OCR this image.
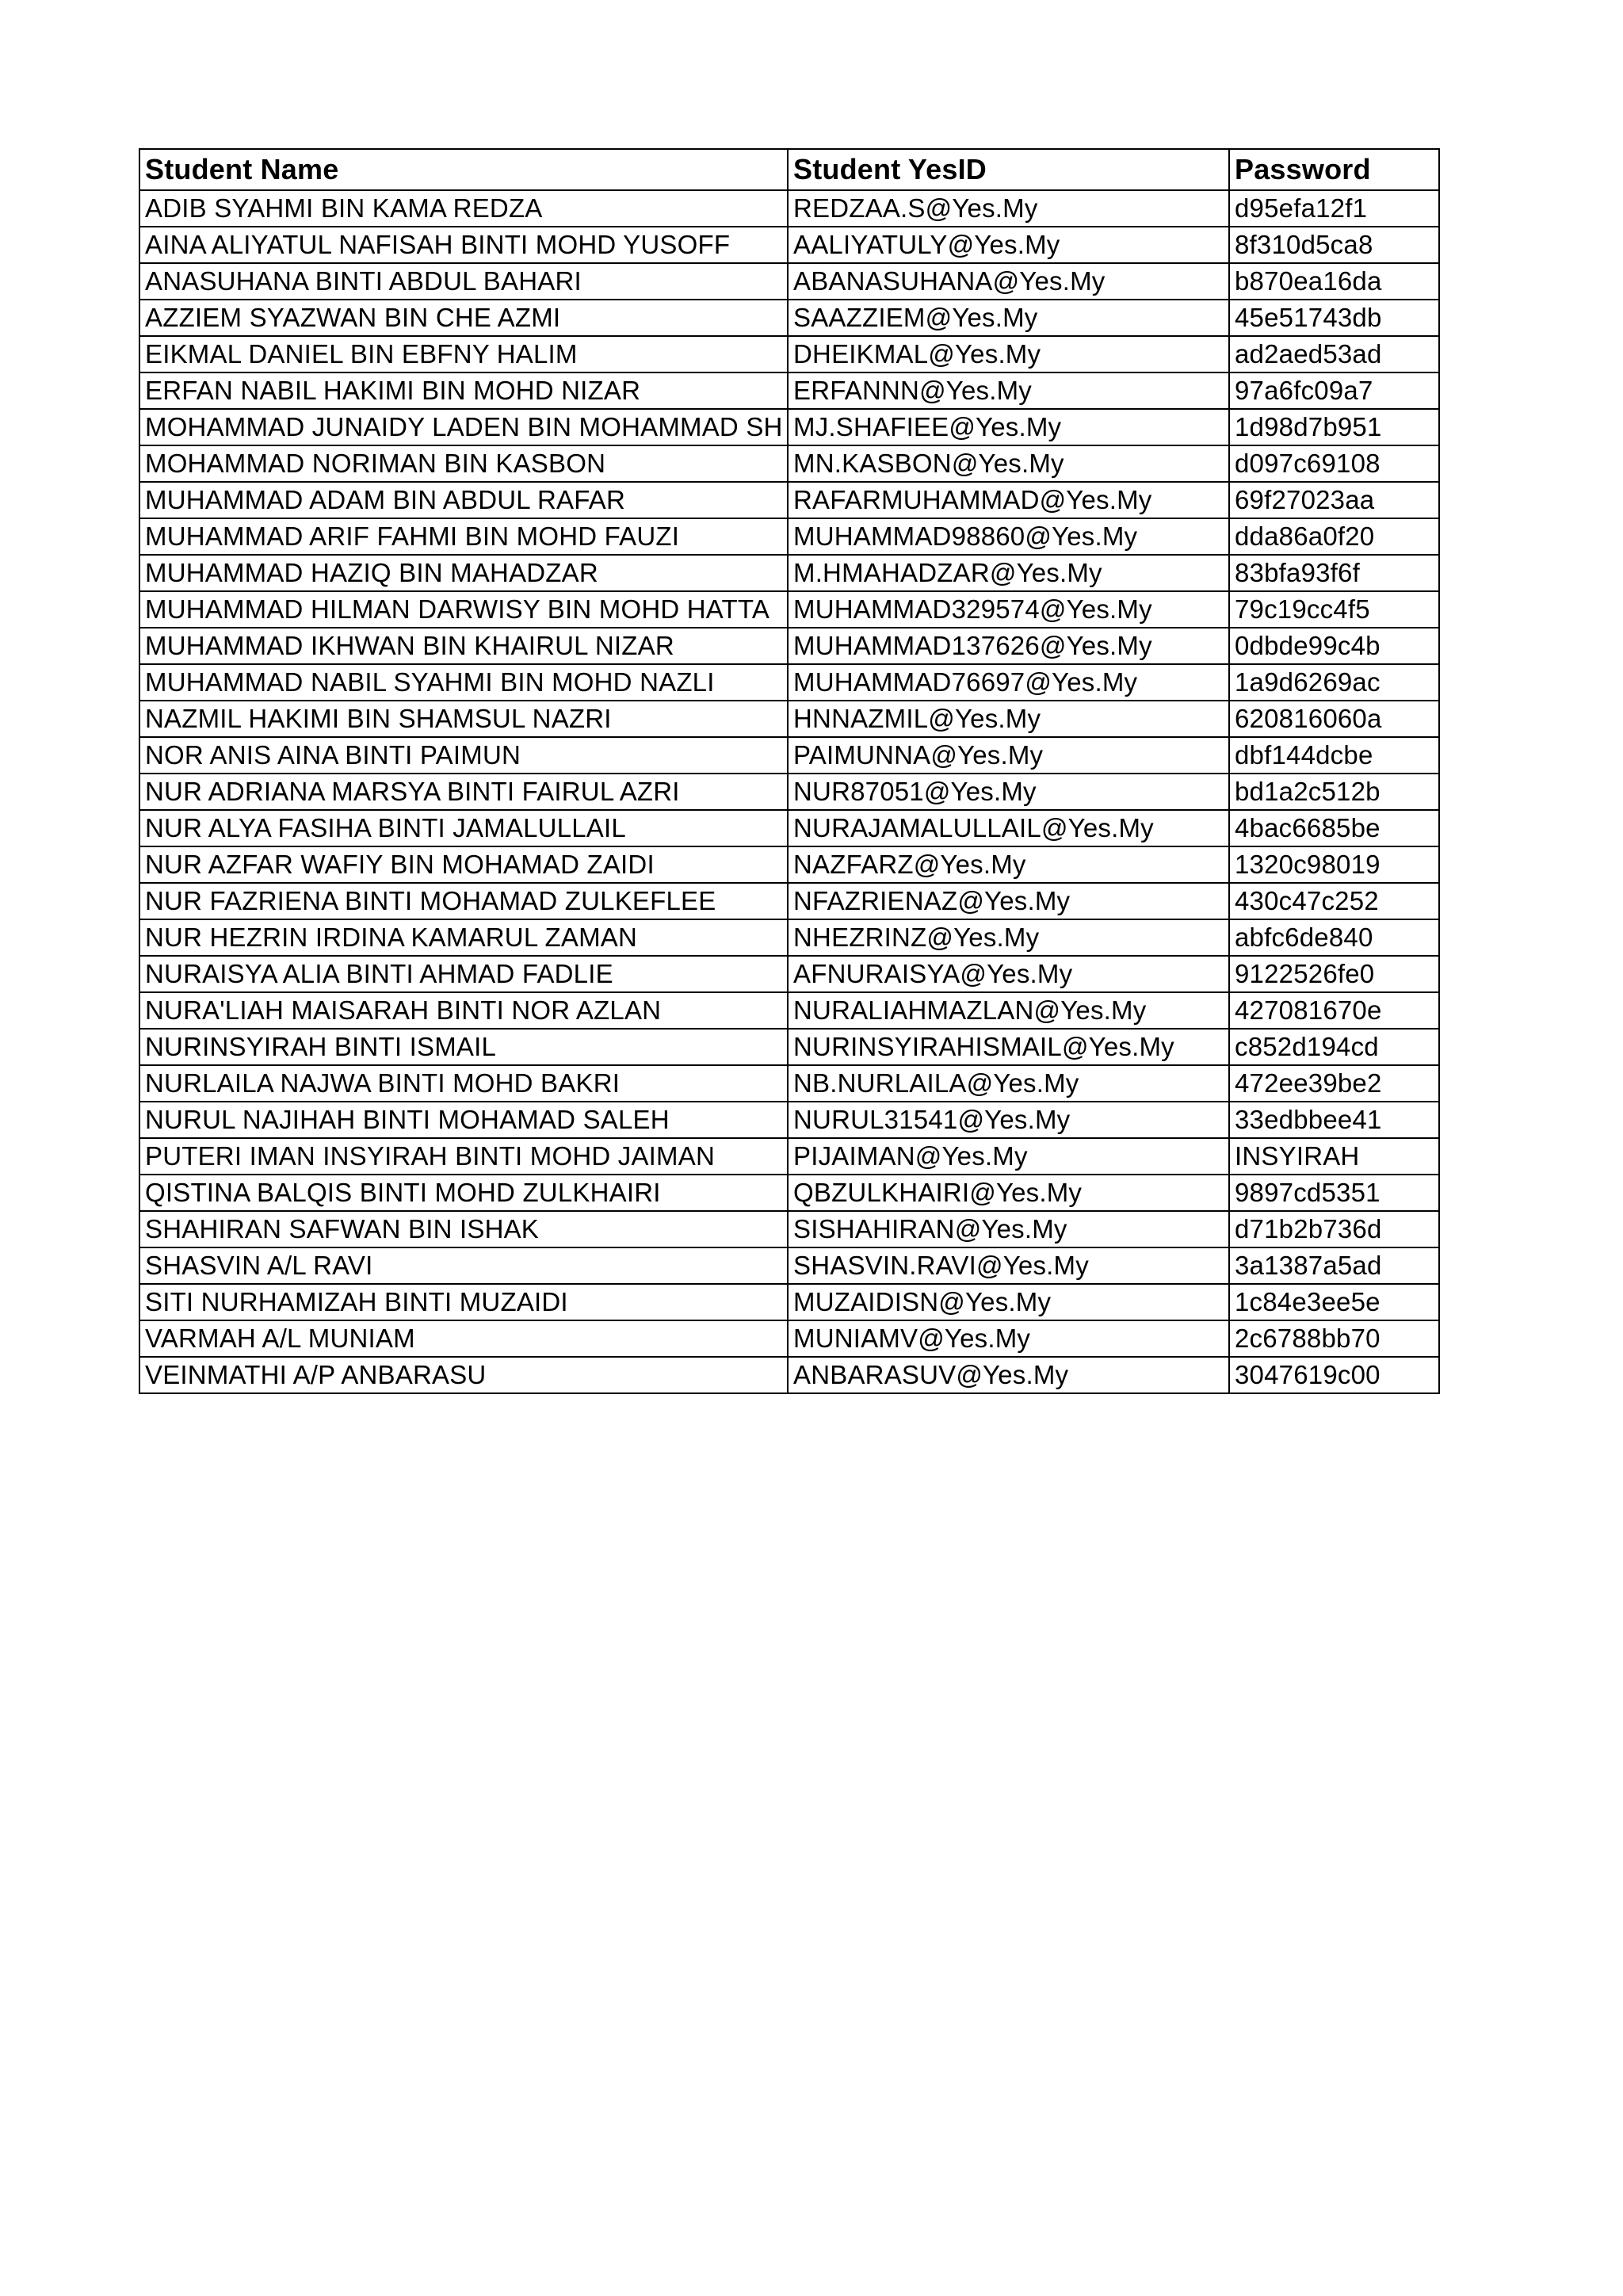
Student Name	Student YesID	Password
ADIB SYAHMI BIN KAMA REDZA	REDZAA.S@Yes.My	d95efa12f1
AINA ALIYATUL NAFISAH BINTI MOHD YUSOFF	AALIYATULY@Yes.My	8f310d5ca8
ANASUHANA BINTI ABDUL BAHARI	ABANASUHANA@Yes.My	b870ea16da
AZZIEM SYAZWAN BIN CHE AZMI	SAAZZIEM@Yes.My	45e51743db
EIKMAL DANIEL BIN EBFNY HALIM	DHEIKMAL@Yes.My	ad2aed53ad
ERFAN NABIL HAKIMI BIN MOHD NIZAR	ERFANNN@Yes.My	97a6fc09a7
MOHAMMAD JUNAIDY LADEN BIN MOHAMMAD SH	MJ.SHAFIEE@Yes.My	1d98d7b951
MOHAMMAD NORIMAN BIN KASBON	MN.KASBON@Yes.My	d097c69108
MUHAMMAD ADAM BIN ABDUL RAFAR	RAFARMUHAMMAD@Yes.My	69f27023aa
MUHAMMAD ARIF FAHMI BIN MOHD FAUZI	MUHAMMAD98860@Yes.My	dda86a0f20
MUHAMMAD HAZIQ BIN MAHADZAR	M.HMAHADZAR@Yes.My	83bfa93f6f
MUHAMMAD HILMAN DARWISY BIN MOHD HATTA	MUHAMMAD329574@Yes.My	79c19cc4f5
MUHAMMAD IKHWAN BIN KHAIRUL NIZAR	MUHAMMAD137626@Yes.My	0dbde99c4b
MUHAMMAD NABIL SYAHMI BIN MOHD NAZLI	MUHAMMAD76697@Yes.My	1a9d6269ac
NAZMIL HAKIMI BIN SHAMSUL NAZRI	HNNAZMIL@Yes.My	620816060a
NOR ANIS AINA BINTI PAIMUN	PAIMUNNA@Yes.My	dbf144dcbe
NUR ADRIANA MARSYA BINTI FAIRUL AZRI	NUR87051@Yes.My	bd1a2c512b
NUR ALYA FASIHA BINTI JAMALULLAIL	NURAJAMALULLAIL@Yes.My	4bac6685be
NUR AZFAR WAFIY BIN MOHAMAD ZAIDI	NAZFARZ@Yes.My	1320c98019
NUR FAZRIENA BINTI MOHAMAD ZULKEFLEE	NFAZRIENAZ@Yes.My	430c47c252
NUR HEZRIN IRDINA KAMARUL ZAMAN	NHEZRINZ@Yes.My	abfc6de840
NURAISYA ALIA BINTI AHMAD FADLIE	AFNURAISYA@Yes.My	9122526fe0
NURA'LIAH MAISARAH BINTI NOR AZLAN	NURALIAHMAZLAN@Yes.My	427081670e
NURINSYIRAH BINTI ISMAIL	NURINSYIRAHISMAIL@Yes.My	c852d194cd
NURLAILA NAJWA BINTI MOHD BAKRI	NB.NURLAILA@Yes.My	472ee39be2
NURUL NAJIHAH BINTI MOHAMAD SALEH	NURUL31541@Yes.My	33edbbee41
PUTERI IMAN INSYIRAH BINTI MOHD JAIMAN	PIJAIMAN@Yes.My	INSYIRAH
QISTINA BALQIS BINTI MOHD ZULKHAIRI	QBZULKHAIRI@Yes.My	9897cd5351
SHAHIRAN SAFWAN BIN ISHAK	SISHAHIRAN@Yes.My	d71b2b736d
SHASVIN A/L RAVI	SHASVIN.RAVI@Yes.My	3a1387a5ad
SITI NURHAMIZAH BINTI MUZAIDI	MUZAIDISN@Yes.My	1c84e3ee5e
VARMAH A/L MUNIAM	MUNIAMV@Yes.My	2c6788bb70
VEINMATHI A/P ANBARASU	ANBARASUV@Yes.My	3047619c00
